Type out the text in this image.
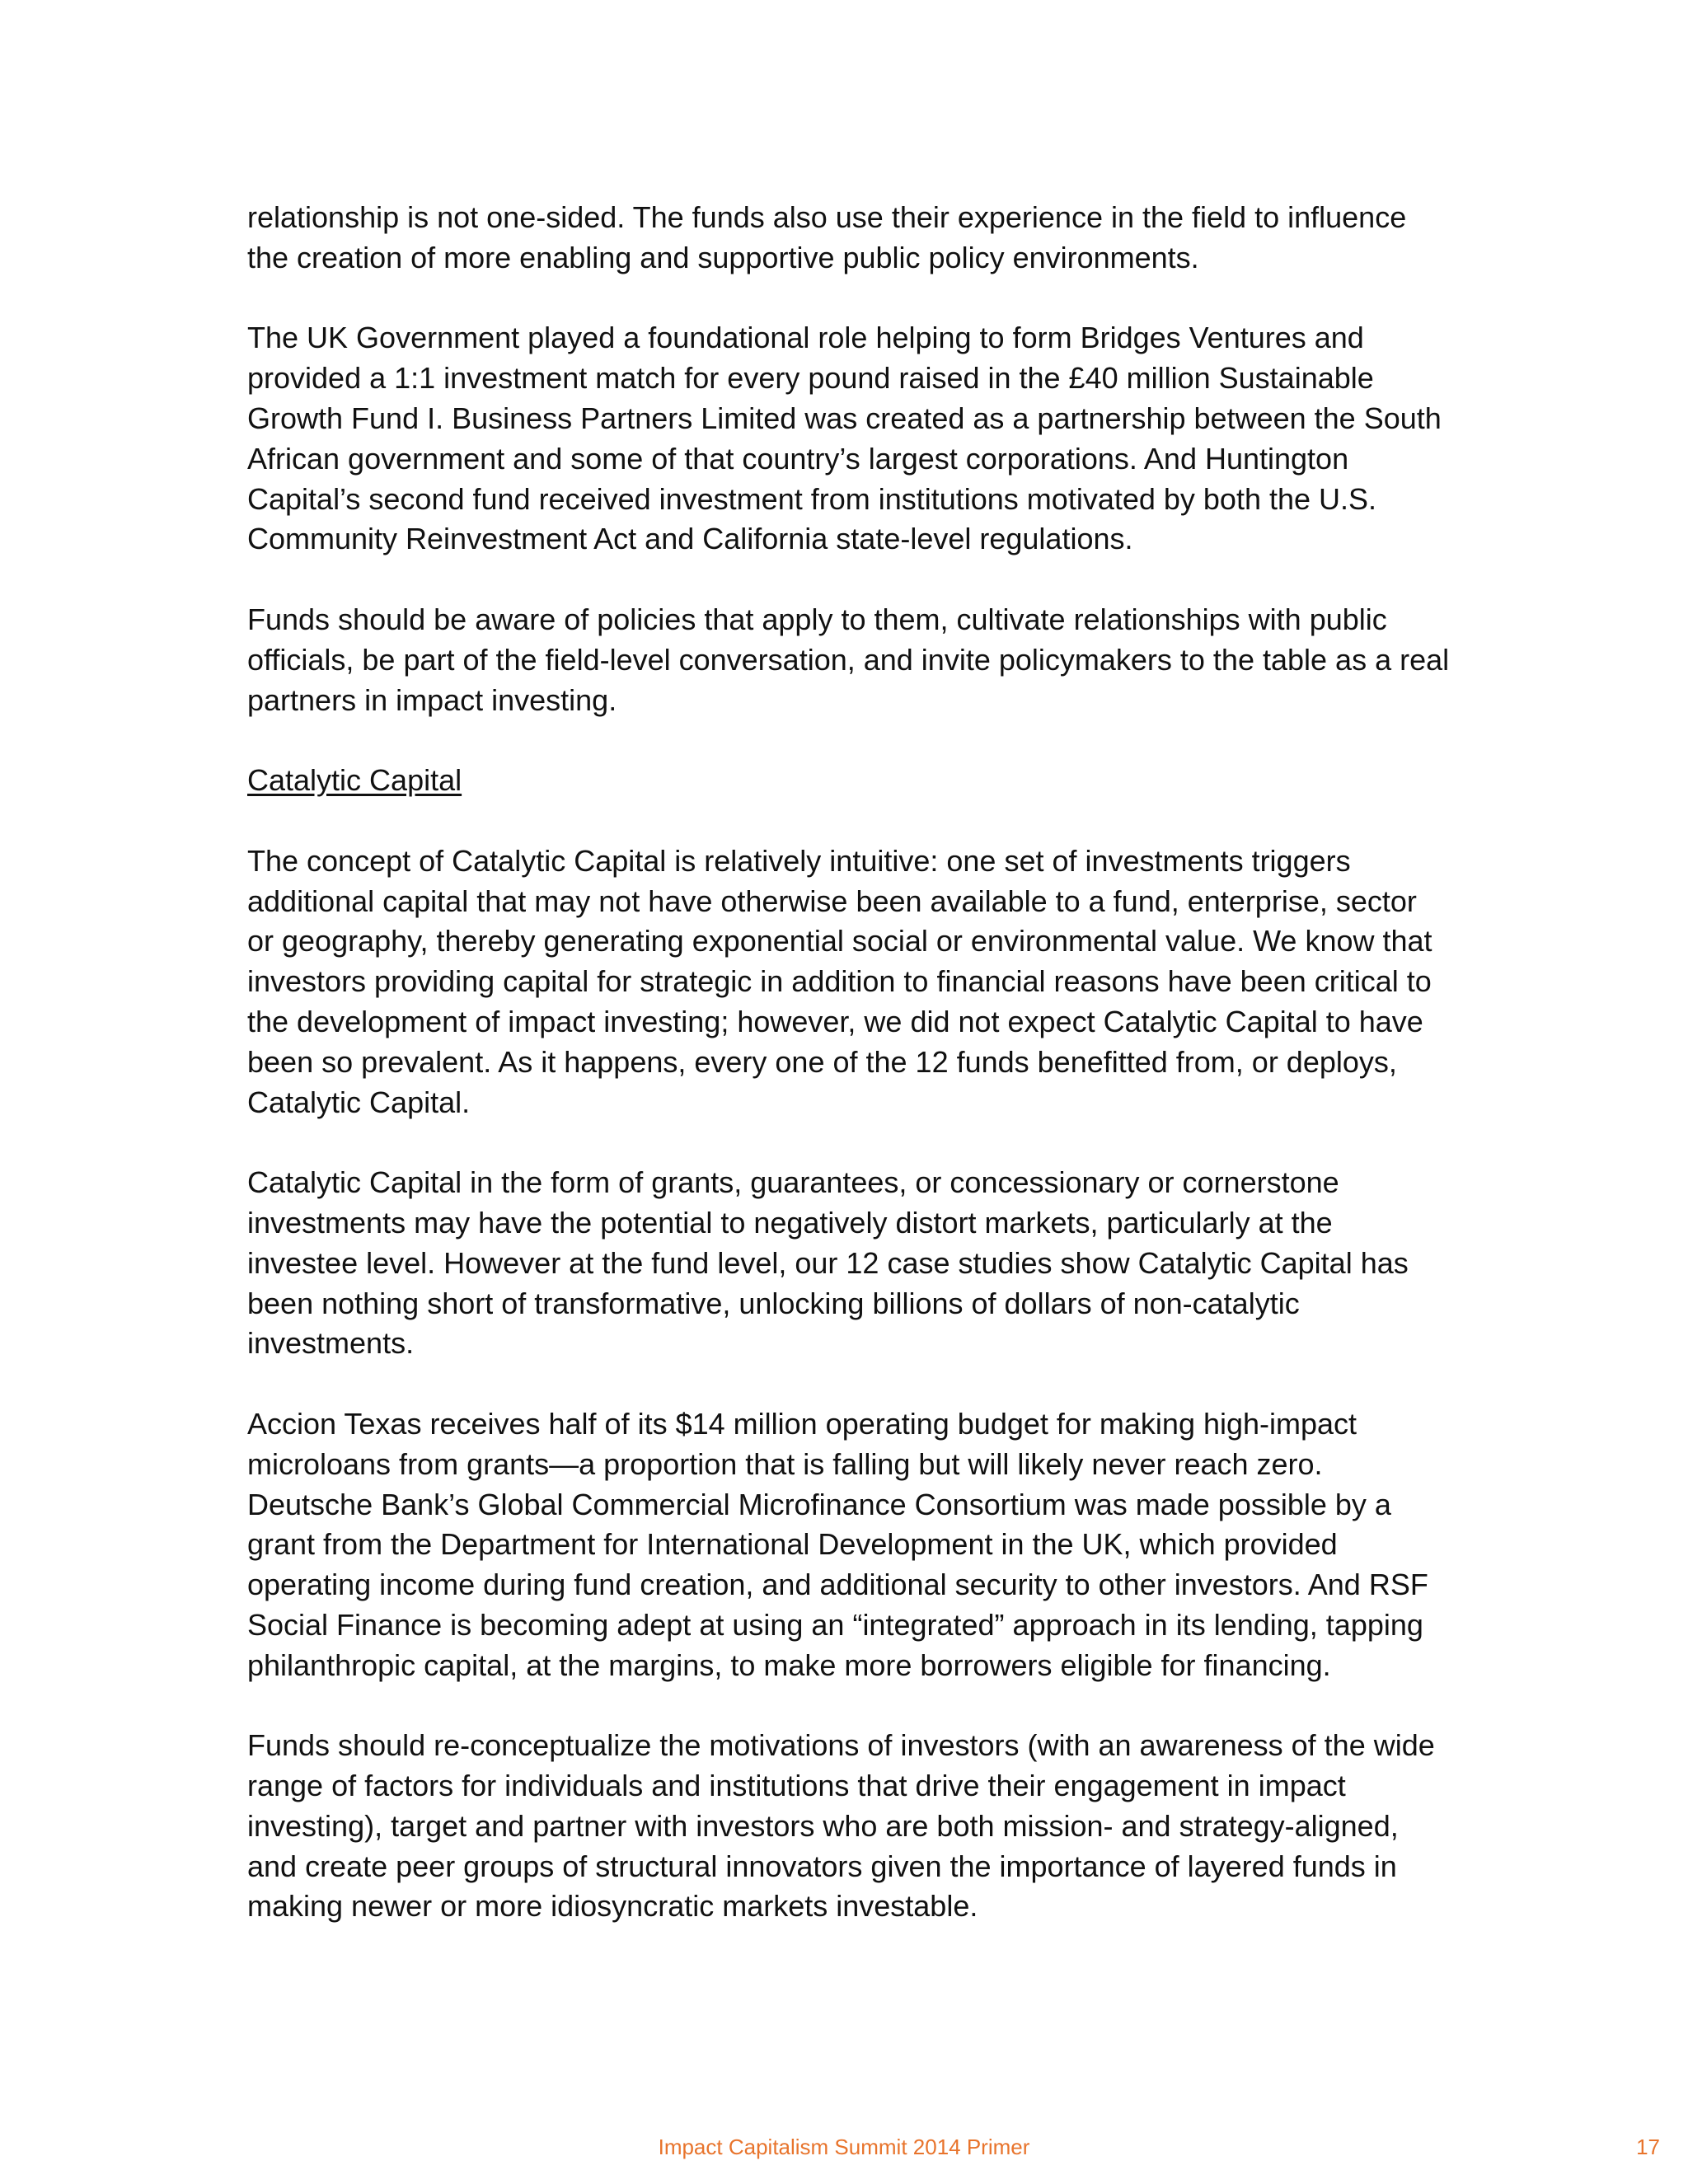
relationship is not one-sided. The funds also use their experience in the field to influence the creation of more enabling and supportive public policy environments.

The UK Government played a foundational role helping to form Bridges Ventures and provided a 1:1 investment match for every pound raised in the £40 million Sustainable Growth Fund I. Business Partners Limited was created as a partnership between the South African government and some of that country’s largest corporations. And Huntington Capital’s second fund received investment from institutions motivated by both the U.S. Community Reinvestment Act and California state-level regulations.

Funds should be aware of policies that apply to them, cultivate relationships with public officials, be part of the field-level conversation, and invite policymakers to the table as a real partners in impact investing.

Catalytic Capital

The concept of Catalytic Capital is relatively intuitive: one set of investments triggers additional capital that may not have otherwise been available to a fund, enterprise, sector or geography, thereby generating exponential social or environmental value. We know that investors providing capital for strategic in addition to financial reasons have been critical to the development of impact investing; however, we did not expect Catalytic Capital to have been so prevalent. As it happens, every one of the 12 funds benefitted from, or deploys, Catalytic Capital.

Catalytic Capital in the form of grants, guarantees, or concessionary or cornerstone investments may have the potential to negatively distort markets, particularly at the investee level. However at the fund level, our 12 case studies show Catalytic Capital has been nothing short of transformative, unlocking billions of dollars of non-catalytic investments.

Accion Texas receives half of its $14 million operating budget for making high-impact microloans from grants—a proportion that is falling but will likely never reach zero. Deutsche Bank’s Global Commercial Microfinance Consortium was made possible by a grant from the Department for International Development in the UK, which provided operating income during fund creation, and additional security to other investors. And RSF Social Finance is becoming adept at using an “integrated” approach in its lending, tapping philanthropic capital, at the margins, to make more borrowers eligible for financing.

Funds should re-conceptualize the motivations of investors (with an awareness of the wide range of factors for individuals and institutions that drive their engagement in impact investing), target and partner with investors who are both mission- and strategy-aligned, and create peer groups of structural innovators given the importance of layered funds in making newer or more idiosyncratic markets investable.

Impact Capitalism Summit 2014 Primer	17
